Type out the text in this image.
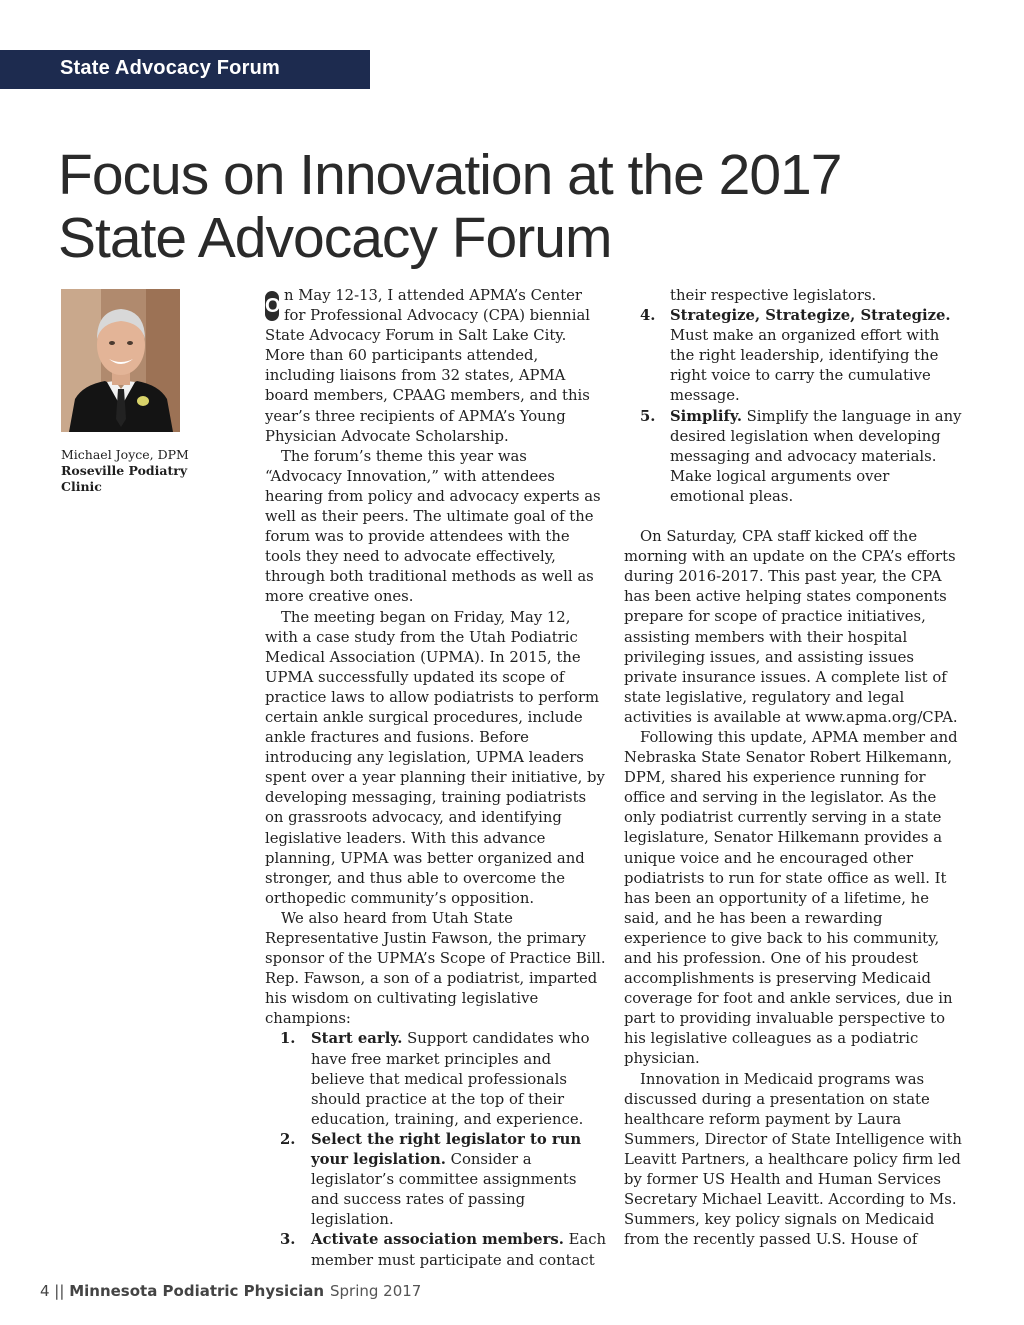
State Advocacy Forum
Focus on Innovation at the 2017
State Advocacy Forum
Michael Joyce, DPM
Roseville Podiatry Clinic

O n May 12-13, I attended APMA’s Center for Professional Advocacy (CPA) biennial State Advocacy Forum in Salt Lake City. More than 60 participants attended, including liaisons from 32 states, APMA board members, CPAAG members, and this year’s three recipients of APMA’s Young Physician Advocate Scholarship.

The forum’s theme this year was “Advocacy Innovation,” with attendees hearing from policy and advocacy experts as well as their peers. The ultimate goal of the forum was to provide attendees with the tools they need to advocate effectively, through both traditional methods as well as more creative ones.

The meeting began on Friday, May 12, with a case study from the Utah Podiatric Medical Association (UPMA). In 2015, the UPMA successfully updated its scope of practice laws to allow podiatrists to perform certain ankle surgical procedures, include ankle fractures and fusions. Before introducing any legislation, UPMA leaders spent over a year planning their initiative, by developing messaging, training podiatrists on grassroots advocacy, and identifying legislative leaders. With this advance planning, UPMA was better organized and stronger, and thus able to overcome the orthopedic community’s opposition.

We also heard from Utah State Representative Justin Fawson, the primary sponsor of the UPMA’s Scope of Practice Bill. Rep. Fawson, a son of a podiatrist, imparted his wisdom on cultivating legislative champions:

1. Start early. Support candidates who have free market principles and believe that medical professionals should practice at the top of their education, training, and experience.
2. Select the right legislator to run your legislation. Consider a legislator’s committee assignments and success rates of passing legislation.
3. Activate association members. Each member must participate and contact
their respective legislators.
4. Strategize, Strategize, Strategize. Must make an organized effort with the right leadership, identifying the right voice to carry the cumulative message.
5. Simplify. Simplify the language in any desired legislation when developing messaging and advocacy materials. Make logical arguments over emotional pleas.

On Saturday, CPA staff kicked off the morning with an update on the CPA’s efforts during 2016-2017. This past year, the CPA has been active helping states components prepare for scope of practice initiatives, assisting members with their hospital privileging issues, and assisting issues private insurance issues. A complete list of state legislative, regulatory and legal activities is available at www.apma.org/CPA.

Following this update, APMA member and Nebraska State Senator Robert Hilkemann, DPM, shared his experience running for office and serving in the legislator. As the only podiatrist currently serving in a state legislature, Senator Hilkemann provides a unique voice and he encouraged other podiatrists to run for state office as well. It has been an opportunity of a lifetime, he said, and he has been a rewarding experience to give back to his community, and his profession. One of his proudest accomplishments is preserving Medicaid coverage for foot and ankle services, due in part to providing invaluable perspective to his legislative colleagues as a podiatric physician.

Innovation in Medicaid programs was discussed during a presentation on state healthcare reform payment by Laura Summers, Director of State Intelligence with Leavitt Partners, a healthcare policy firm led by former US Health and Human Services Secretary Michael Leavitt. According to Ms. Summers, key policy signals on Medicaid from the recently passed U.S. House of

4 || Minnesota Podiatric Physician Spring 2017
